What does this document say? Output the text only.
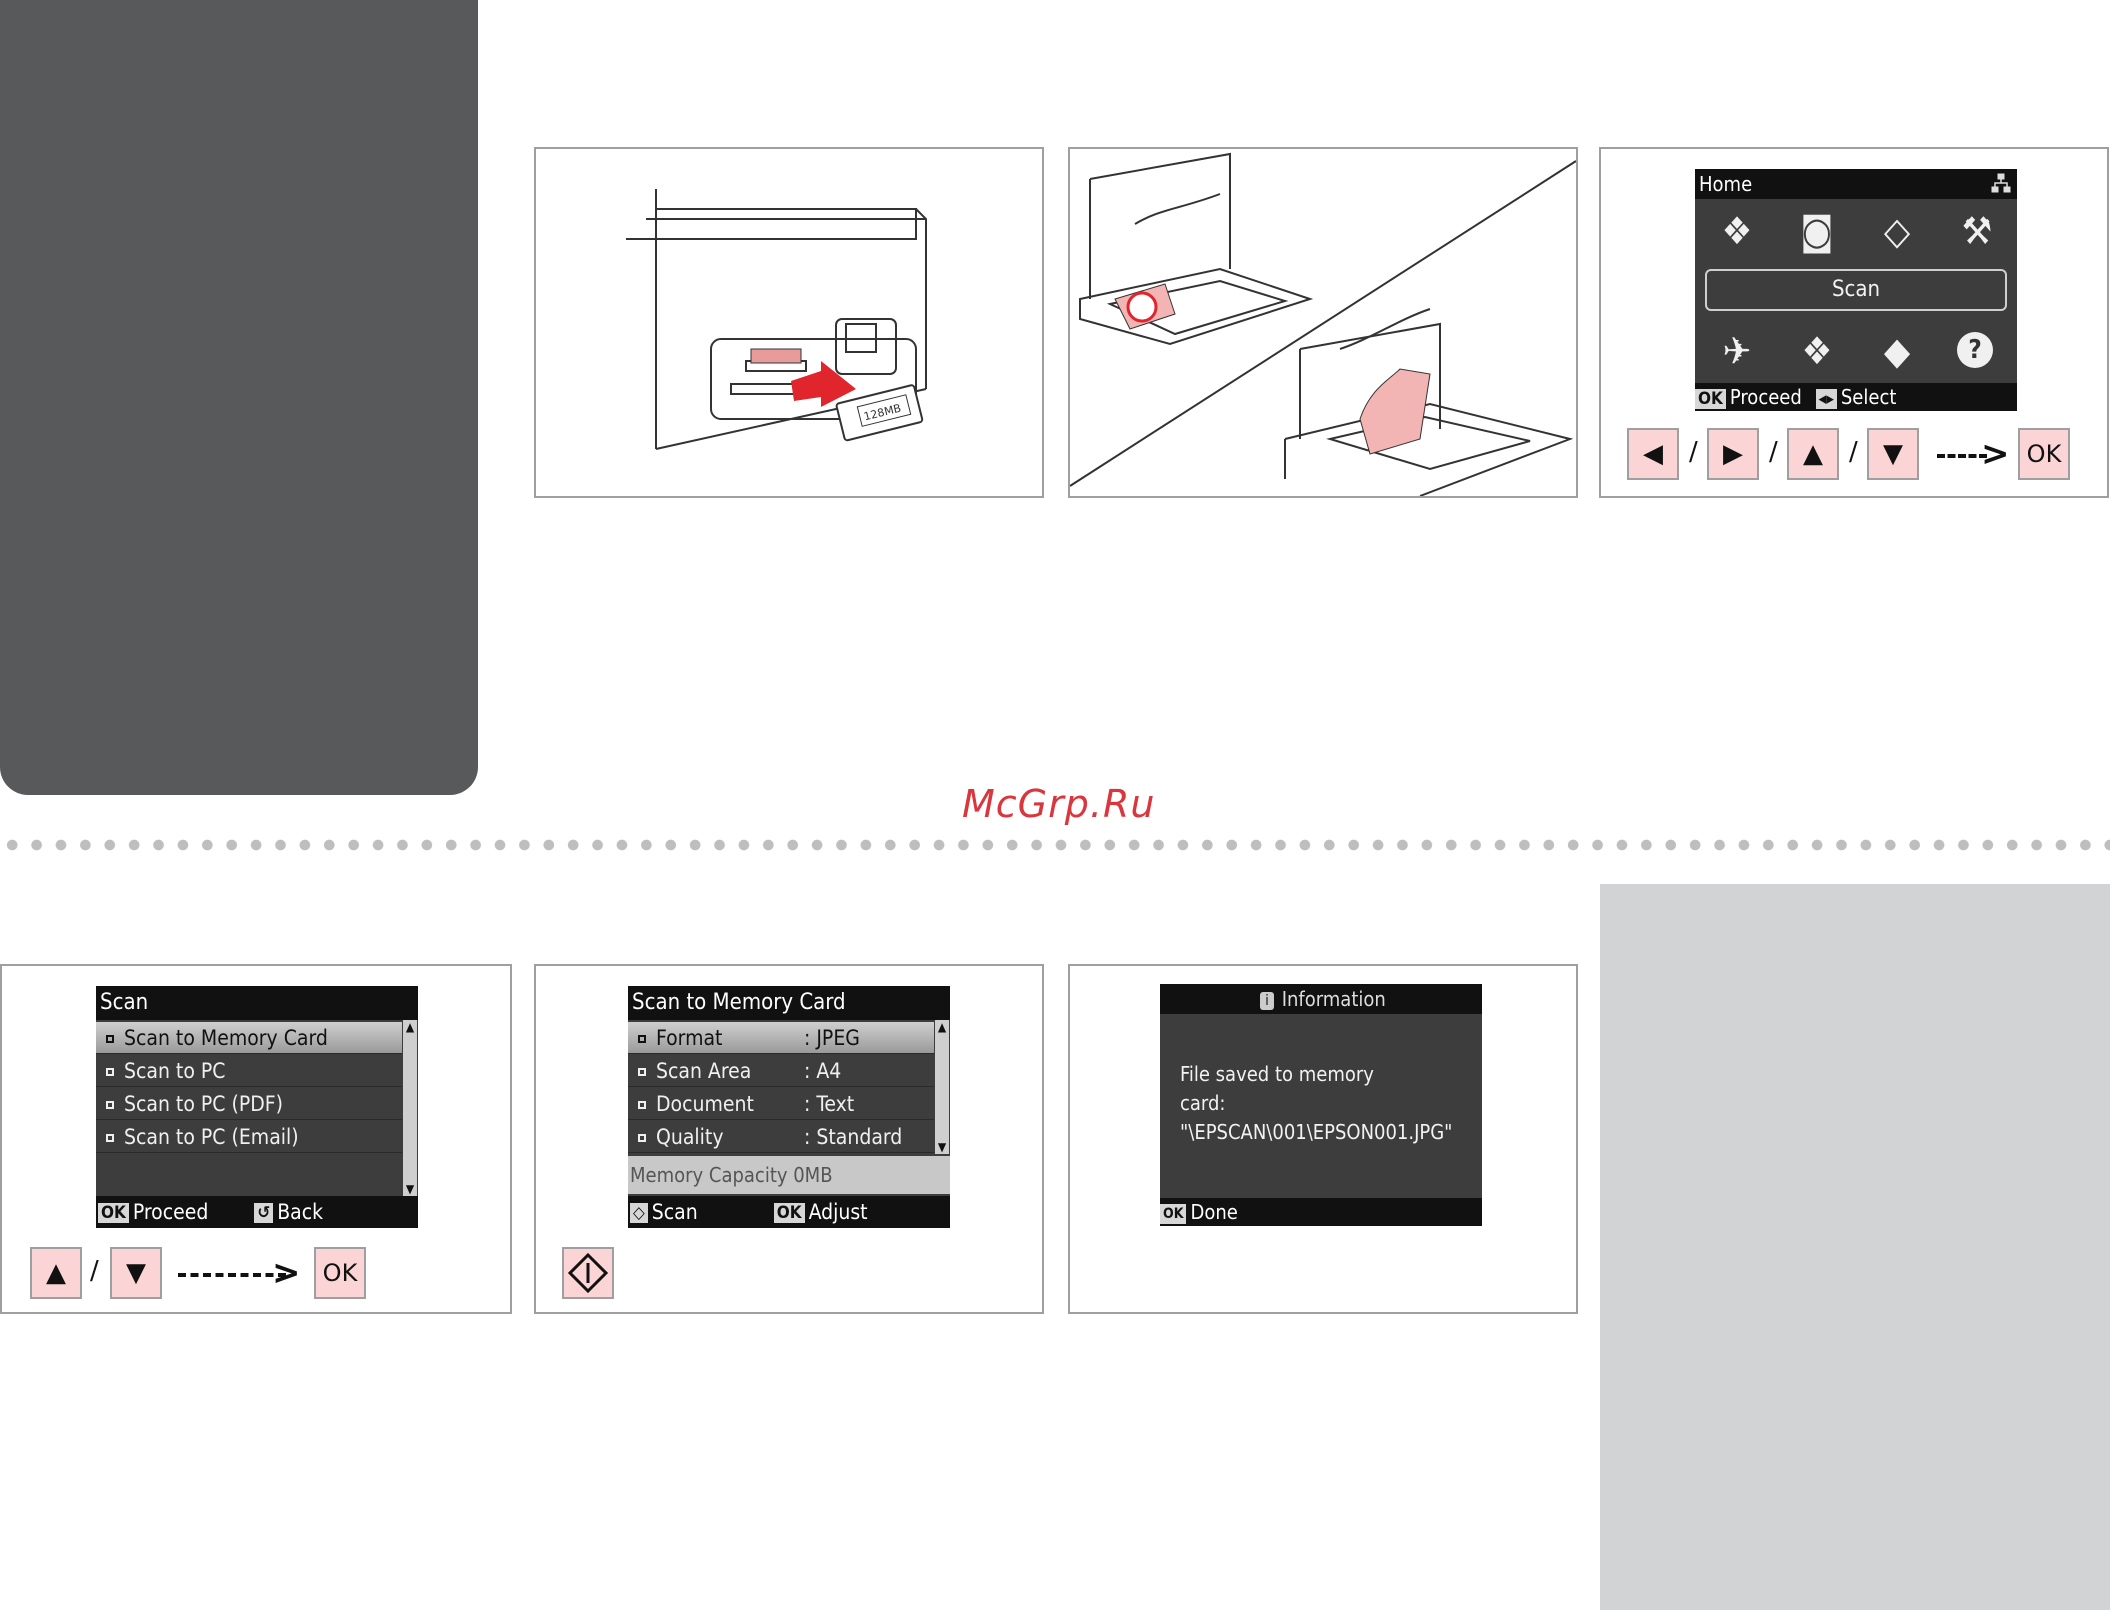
128MB
Home
❖	◙	◇	⚒
Scan
✈	❖	◆	?
OK Proceed ◂▸ Select
◀	/ ▶	/ ▲	/ ▼	> OK
McGrp.Ru
Scan
Scan to Memory Card
Scan to PC
Scan to PC (PDF)
Scan to PC (Email)
▲
▼
OK Proceed	↺ Back
▲ /	▼	> OK
Scan to Memory Card
Format	: JPEG
Scan Area	: A4
Document : Text
Quality	: Standard
▲
▼
Memory Capacity 0MB
◇ Scan	OK Adjust
i Information
File saved to memory
card:
"\EPSCAN\001\EPSON001.JPG"
OK Done
